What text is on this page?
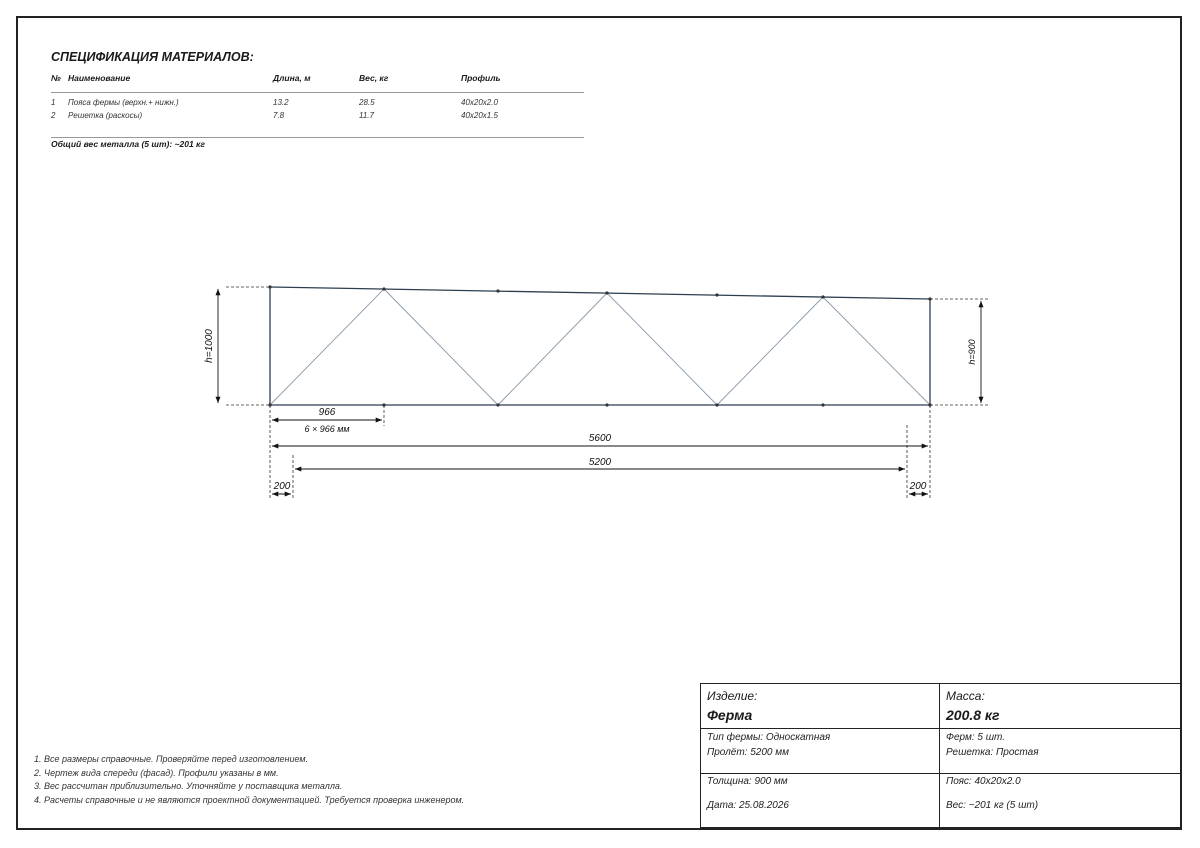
СПЕЦИФИКАЦИЯ МАТЕРИАЛОВ:
№ Наименование	Длина, м	Вес, кг	Профиль
1 Пояса фермы (верхн.+ нижн.)	13.2	28.5	40x20x2.0
2 Решетка (раскосы)	7.8	11.7	40x20x1.5
Общий вес металла (5 шт): ~201 кг
h=1000	h=900
966
6 × 966 мм
5600
5200
200	200
1. Все размеры справочные. Проверяйте перед изготовлением.
2. Чертеж вида спереди (фасад). Профили указаны в мм.
3. Вес рассчитан приблизительно. Уточняйте у поставщика металла.
4. Расчеты справочные и не являются проектной документацией. Требуется проверка инженером.
Изделие:
Ферма
Масса:
200.8 кг
Тип фермы: Односкатная
Пролёт: 5200 мм
Ферм: 5 шт.
Решетка: Простая
Толщина: 900 мм	Пояс: 40x20x2.0
Дата: 25.08.2026	Вес: ~201 кг (5 шт)
